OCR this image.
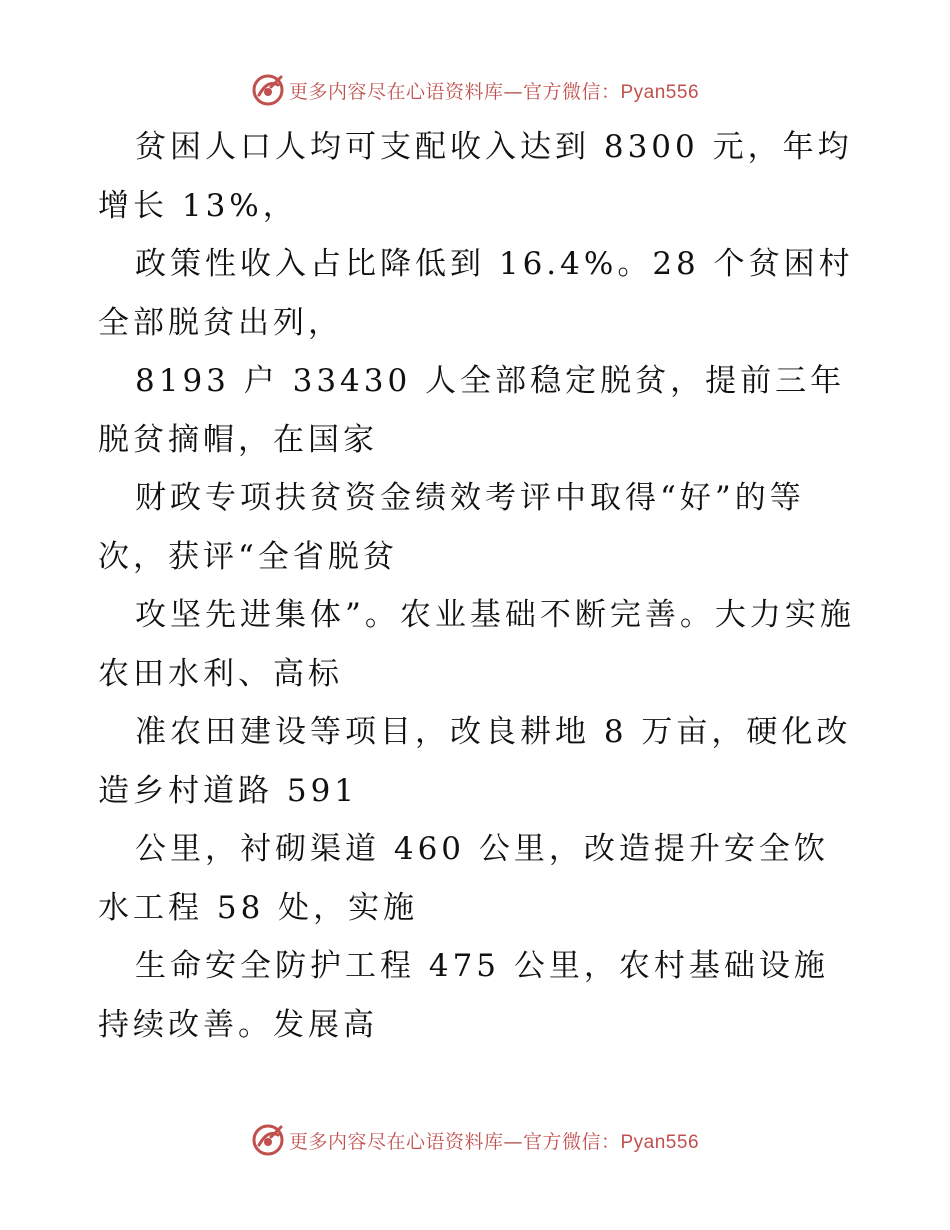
更多内容尽在心语资料库—官方微信：Pyan556

贫困人口人均可支配收入达到 8300 元，年均增长 13%，

政策性收入占比降低到 16.4%。28 个贫困村全部脱贫出列，

8193 户 33430 人全部稳定脱贫，提前三年脱贫摘帽，在国家

财政专项扶贫资金绩效考评中取得“好”的等次，获评“全省脱贫

攻坚先进集体”。农业基础不断完善。大力实施农田水利、高标

准农田建设等项目，改良耕地 8 万亩，硬化改造乡村道路 591

公里，衬砌渠道 460 公里，改造提升安全饮水工程 58 处，实施

生命安全防护工程 475 公里，农村基础设施持续改善。发展高

更多内容尽在心语资料库—官方微信：Pyan556
